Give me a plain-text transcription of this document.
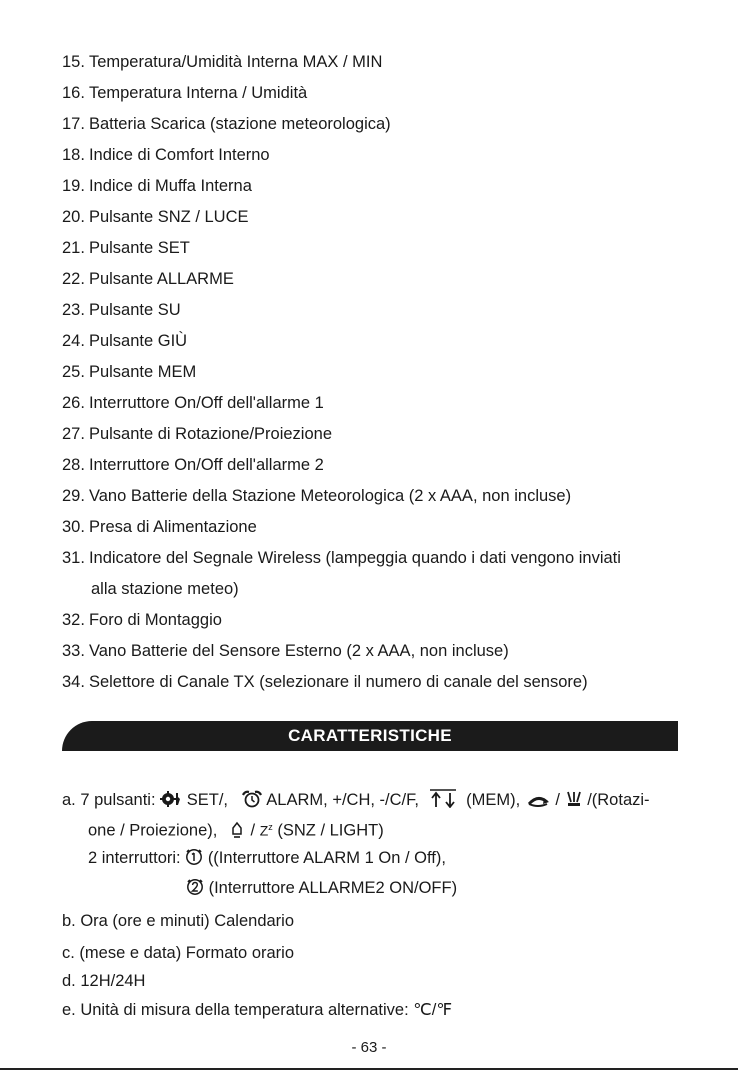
15. Temperatura/Umidità Interna MAX / MIN
16. Temperatura Interna / Umidità
17. Batteria Scarica (stazione meteorologica)
18. Indice di Comfort Interno
19. Indice di Muffa Interna
20. Pulsante SNZ / LUCE
21. Pulsante SET
22. Pulsante ALLARME
23. Pulsante SU
24. Pulsante GIÙ
25. Pulsante MEM
26. Interruttore On/Off dell'allarme 1
27. Pulsante di Rotazione/Proiezione
28. Interruttore On/Off dell'allarme 2
29. Vano Batterie della Stazione Meteorologica (2 x AAA, non incluse)
30. Presa di Alimentazione
31. Indicatore del Segnale Wireless (lampeggia quando i dati vengono inviati
alla stazione meteo)
32. Foro di Montaggio
33. Vano Batterie del Sensore Esterno (2 x AAA, non incluse)
34. Selettore di Canale TX (selezionare il numero di canale del sensore)
CARATTERISTICHE
a. 7 pulsanti: SET/, ALARM, +/CH, -/C/F,	(MEM), / /(Rotazi-
one / Proiezione), / $Z^z$ (SNZ / LIGHT)
2 interruttori: ((Interruttore ALARM 1 On / Off),
(Interruttore ALLARME2 ON/OFF)
b. Ora (ore e minuti) Calendario
c. (mese e data) Formato orario
d. 12H/24H
e. Unità di misura della temperatura alternative: ℃/℉
- 63 -
